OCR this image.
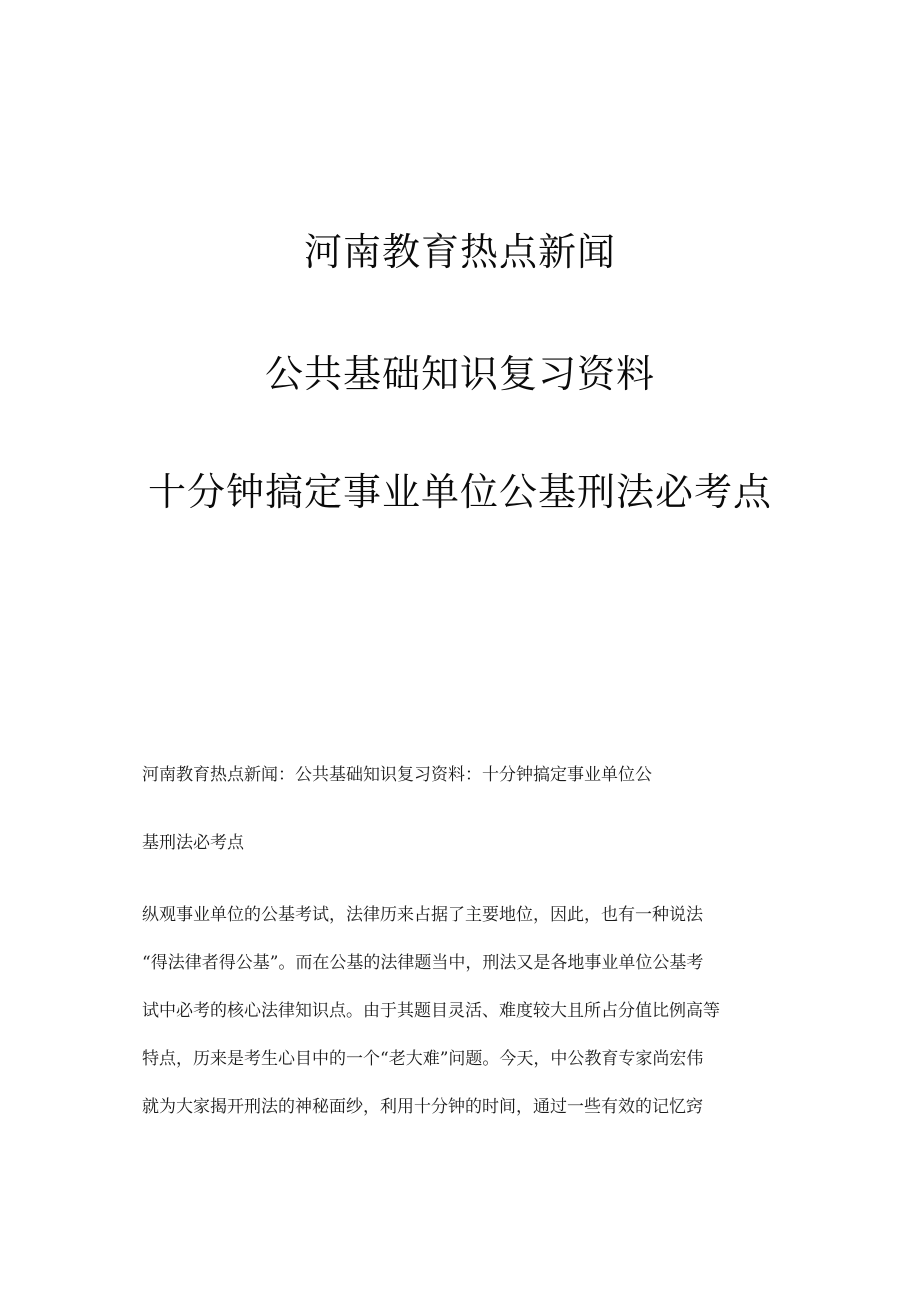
河南教育热点新闻
公共基础知识复习资料
十分钟搞定事业单位公基刑法必考点
河南教育热点新闻：公共基础知识复习资料：十分钟搞定事业单位公
基刑法必考点
纵观事业单位的公基考试，法律历来占据了主要地位，因此，也有一种说法
“得法律者得公基”。而在公基的法律题当中，刑法又是各地事业单位公基考
试中必考的核心法律知识点。由于其题目灵活、难度较大且所占分值比例高等
特点，历来是考生心目中的一个“老大难”问题。今天，中公教育专家尚宏伟
就为大家揭开刑法的神秘面纱，利用十分钟的时间，通过一些有效的记忆窍
